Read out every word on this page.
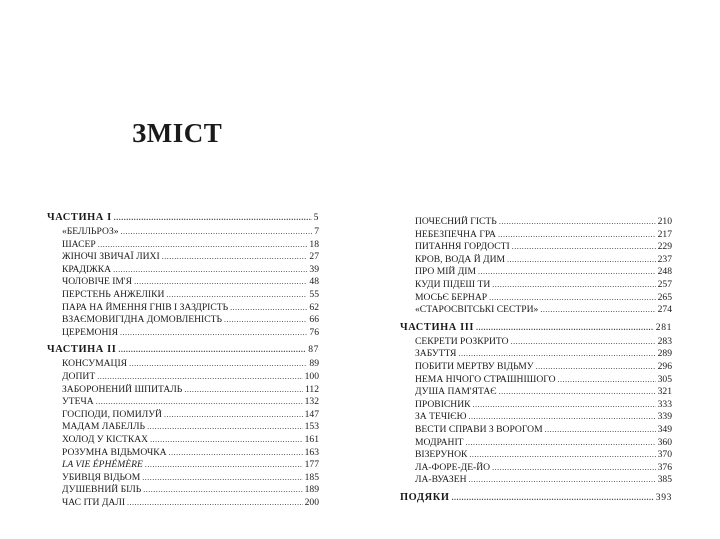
ЗМІСТ
ЧАСТИНА І .....	5
«БЕЛЛЬРОЗ» .....	7
ШАСЕР .....	18
ЖІНОЧІ ЗВИЧАЇ ЛИХІ .....	27
КРАДІЖКА .....	39
ЧОЛОВІЧЕ ІМ'Я .....	48
ПЕРСТЕНЬ АНЖЕЛІКИ .....	55
ПАРА НА ЙМЕННЯ ГНІВ І ЗАЗДРІСТЬ .....	62
ВЗАЄМОВИГІДНА ДОМОВЛЕНІСТЬ .....	66
ЦЕРЕМОНІЯ .....	76
ЧАСТИНА ІІ .....	87
КОНСУМАЦІЯ .....	89
ДОПИТ .....	100
ЗАБОРОНЕНИЙ ШПИТАЛЬ .....	112
УТЕЧА .....	132
ГОСПОДИ, ПОМИЛУЙ .....	147
МАДАМ ЛАБЕЛЛЬ .....	153
ХОЛОД У КІСТКАХ .....	161
РОЗУМНА ВІДЬМОЧКА .....	163
LA VIE ÉPHÉMÈRE .....	177
УБИВЦЯ ВІДЬОМ .....	185
ДУШЕВНИЙ БІЛЬ .....	189
ЧАС ІТИ ДАЛІ .....	200
ПОЧЕСНИЙ ГІСТЬ .....	210
НЕБЕЗПЕЧНА ГРА .....	217
ПИТАННЯ ГОРДОСТІ .....	229
КРОВ, ВОДА Й ДИМ .....	237
ПРО МІЙ ДІМ .....	248
КУДИ ПІДЕШ ТИ .....	257
МОСЬЄ БЕРНАР .....	265
«СТАРОСВІТСЬКІ СЕСТРИ» .....	274
ЧАСТИНА ІІІ .....	281
СЕКРЕТИ РОЗКРИТО .....	283
ЗАБУТТЯ .....	289
ПОБИТИ МЕРТВУ ВІДЬМУ .....	296
НЕМА НІЧОГО СТРАШНІШОГО .....	305
ДУША ПАМ'ЯТАЄ .....	321
ПРОВІСНИК .....	333
ЗА ТЕЧІЄЮ .....	339
ВЕСТИ СПРАВИ З ВОРОГОМ .....	349
МОДРАНІТ .....	360
ВІЗЕРУНОК .....	370
ЛА-ФОРЕ-ДЕ-ЙО .....	376
ЛА-ВУАЗЕН .....	385
ПОДЯКИ .....	393
